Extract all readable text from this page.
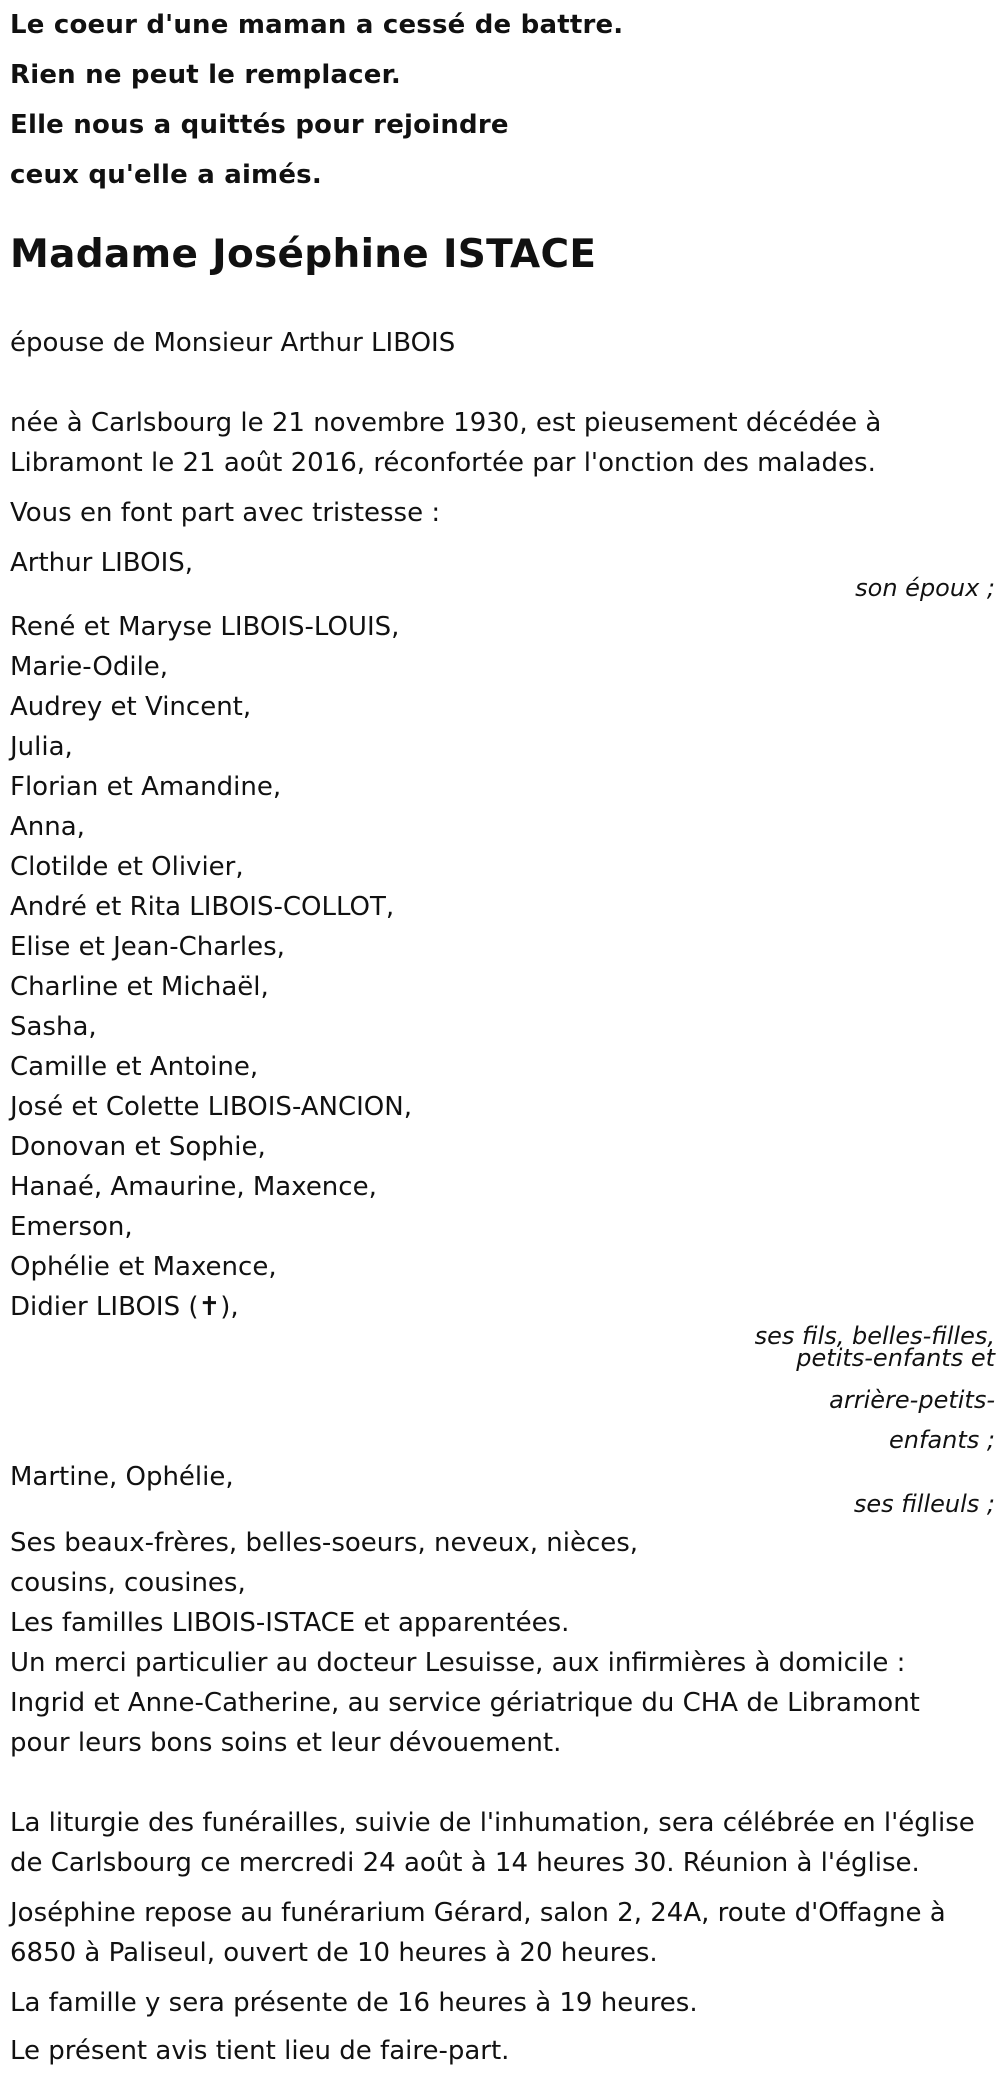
Le coeur d'une maman a cessé de battre.
Rien ne peut le remplacer.
Elle nous a quittés pour rejoindre
ceux qu'elle a aimés.
Madame Joséphine ISTACE
épouse de Monsieur Arthur LIBOIS
née à Carlsbourg le 21 novembre 1930, est pieusement décédée à
Libramont le 21 août 2016, réconfortée par l'onction des malades.
Vous en font part avec tristesse :
Arthur LIBOIS,
son époux ;
René et Maryse LIBOIS-LOUIS,
Marie-Odile,
Audrey et Vincent,
Julia,
Florian et Amandine,
Anna,
Clotilde et Olivier,
André et Rita LIBOIS-COLLOT,
Elise et Jean-Charles,
Charline et Michaël,
Sasha,
Camille et Antoine,
José et Colette LIBOIS-ANCION,
Donovan et Sophie,
Hanaé, Amaurine, Maxence,
Emerson,
Ophélie et Maxence,
Didier LIBOIS (✝),
ses fils, belles-filles,
petits-enfants et
arrière-petits-
enfants ;
Martine, Ophélie,
ses filleuls ;
Ses beaux-frères, belles-soeurs, neveux, nièces,
cousins, cousines,
Les familles LIBOIS-ISTACE et apparentées.
Un merci particulier au docteur Lesuisse, aux infirmières à domicile :
Ingrid et Anne-Catherine, au service gériatrique du CHA de Libramont
pour leurs bons soins et leur dévouement.
La liturgie des funérailles, suivie de l'inhumation, sera célébrée en l'église
de Carlsbourg ce mercredi 24 août à 14 heures 30. Réunion à l'église.
Joséphine repose au funérarium Gérard, salon 2, 24A, route d'Offagne à
6850 à Paliseul, ouvert de 10 heures à 20 heures.
La famille y sera présente de 16 heures à 19 heures.
Le présent avis tient lieu de faire-part.
